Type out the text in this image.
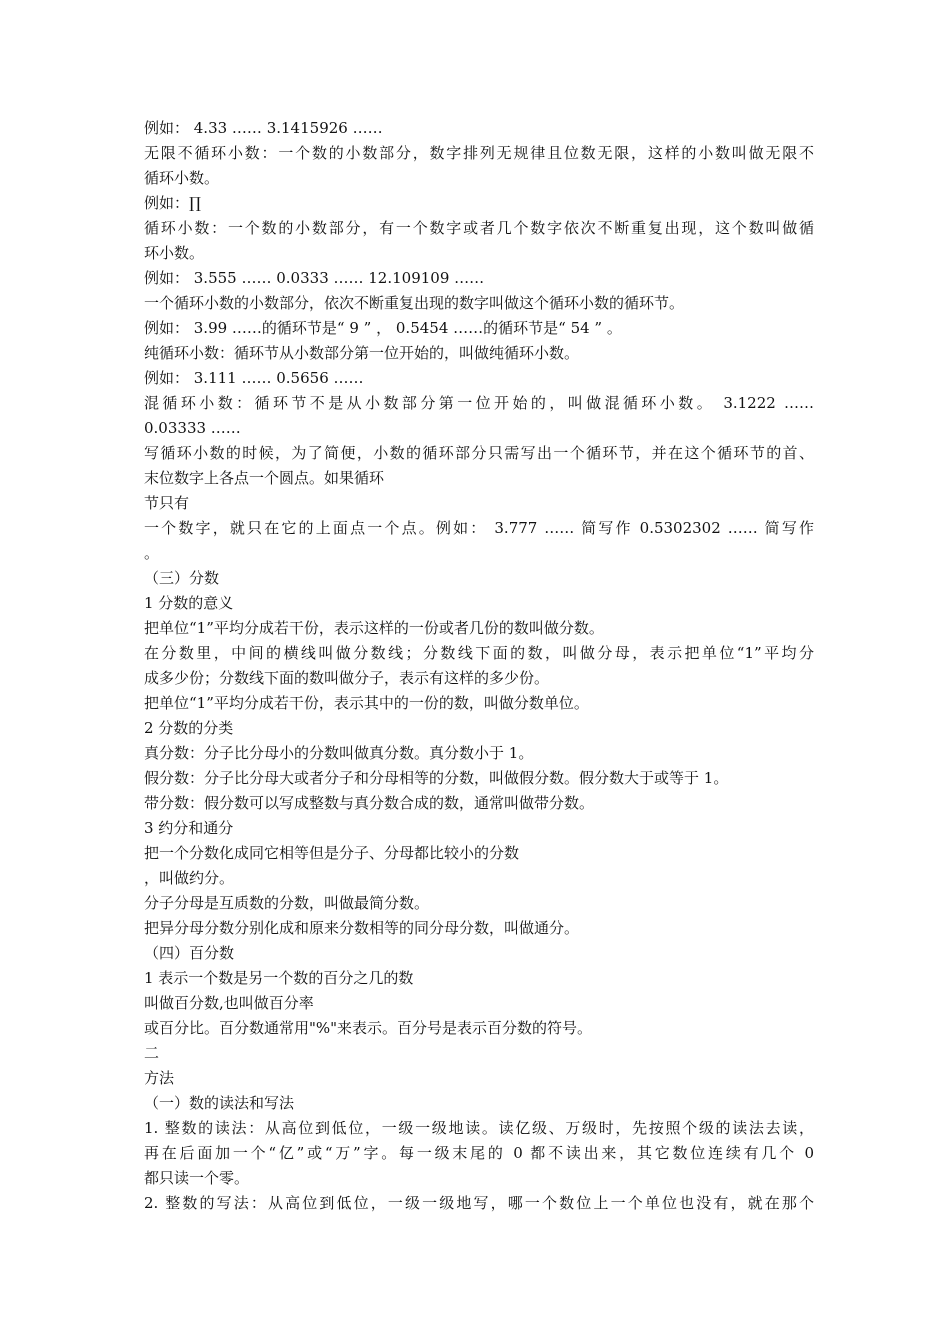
例如： 4.33 …… 3.1415926 ……
无限不循环小数：一个数的小数部分，数字排列无规律且位数无限，这样的小数叫做无限不
循环小数。
例如：∏
循环小数：一个数的小数部分，有一个数字或者几个数字依次不断重复出现，这个数叫做循
环小数。
例如： 3.555 …… 0.0333 …… 12.109109 ……
一个循环小数的小数部分，依次不断重复出现的数字叫做这个循环小数的循环节。
例如： 3.99 ……的循环节是“ 9 ” ， 0.5454 ……的循环节是“ 54 ” 。
纯循环小数：循环节从小数部分第一位开始的，叫做纯循环小数。
例如： 3.111 …… 0.5656 ……
混循环小数：循环节不是从小数部分第一位开始的，叫做混循环小数。 3.1222 ……
0.03333 ……
写循环小数的时候，为了简便，小数的循环部分只需写出一个循环节，并在这个循环节的首、
末位数字上各点一个圆点。如果循环
节只有
一个数字，就只在它的上面点一个点。例如： 3.777 …… 简写作 0.5302302 …… 简写作
。
（三）分数
1 分数的意义
把单位“1”平均分成若干份，表示这样的一份或者几份的数叫做分数。
在分数里，中间的横线叫做分数线；分数线下面的数，叫做分母，表示把单位“1”平均分
成多少份；分数线下面的数叫做分子，表示有这样的多少份。
把单位“1”平均分成若干份，表示其中的一份的数，叫做分数单位。
2 分数的分类
真分数：分子比分母小的分数叫做真分数。真分数小于 1。
假分数：分子比分母大或者分子和分母相等的分数，叫做假分数。假分数大于或等于 1。
带分数：假分数可以写成整数与真分数合成的数，通常叫做带分数。
3 约分和通分
把一个分数化成同它相等但是分子、分母都比较小的分数
，叫做约分。
分子分母是互质数的分数，叫做最简分数。
把异分母分数分别化成和原来分数相等的同分母分数，叫做通分。
（四）百分数
1 表示一个数是另一个数的百分之几的数
叫做百分数,也叫做百分率
或百分比。百分数通常用"%"来表示。百分号是表示百分数的符号。
二
方法
（一）数的读法和写法
1. 整数的读法：从高位到低位，一级一级地读。读亿级、万级时，先按照个级的读法去读，
再在后面加一个“亿”或“万”字。每一级末尾的 0 都不读出来，其它数位连续有几个 0
都只读一个零。
2. 整数的写法：从高位到低位，一级一级地写，哪一个数位上一个单位也没有，就在那个
